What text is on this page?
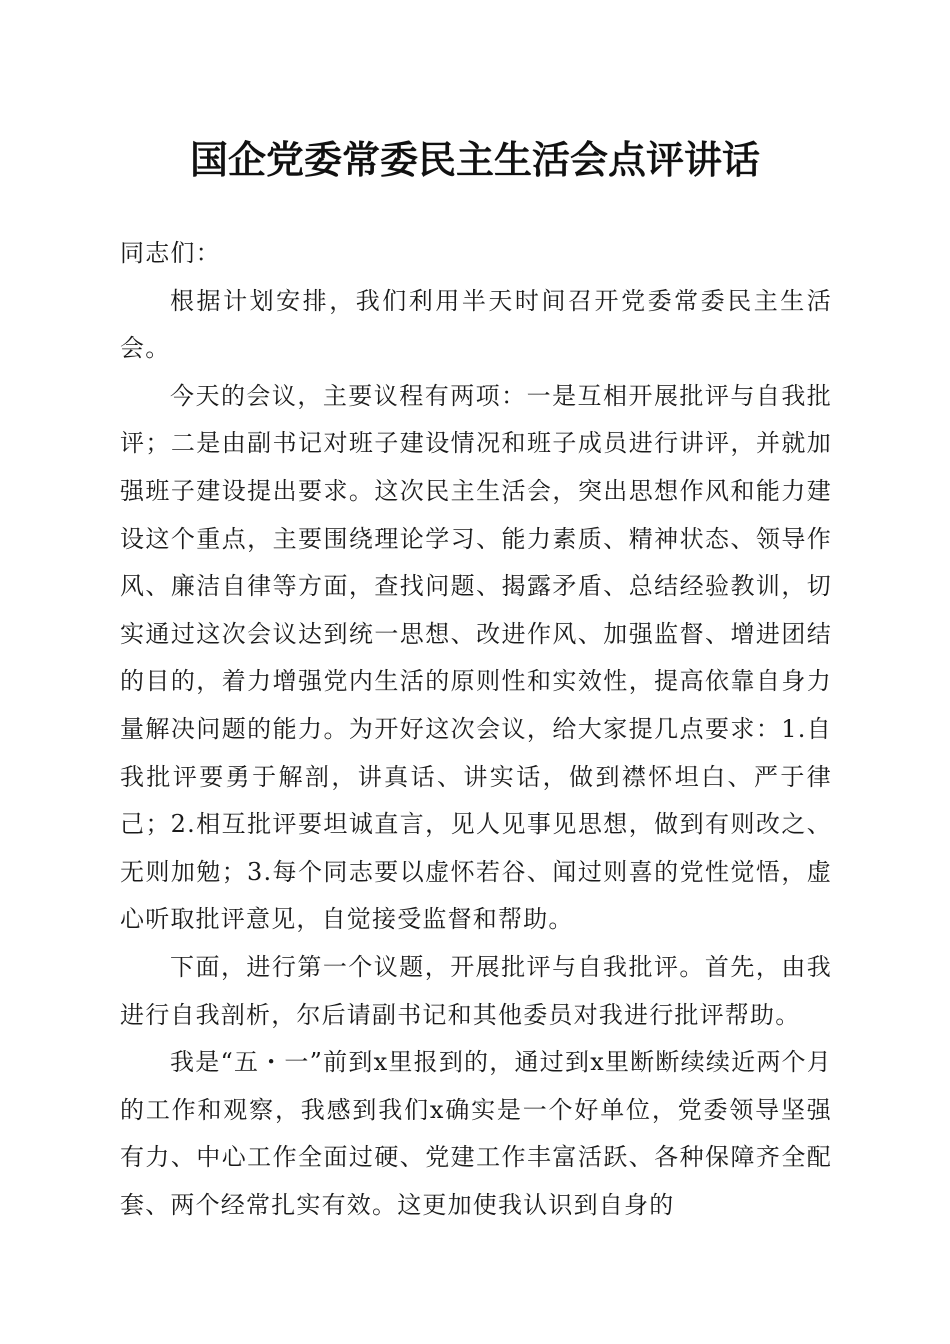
国企党委常委民主生活会点评讲话

同志们：

根据计划安排，我们利用半天时间召开党委常委民主生活会。

今天的会议，主要议程有两项：一是互相开展批评与自我批评；二是由副书记对班子建设情况和班子成员进行讲评，并就加强班子建设提出要求。这次民主生活会，突出思想作风和能力建设这个重点，主要围绕理论学习、能力素质、精神状态、领导作风、廉洁自律等方面，查找问题、揭露矛盾、总结经验教训，切实通过这次会议达到统一思想、改进作风、加强监督、增进团结的目的，着力增强党内生活的原则性和实效性，提高依靠自身力量解决问题的能力。为开好这次会议，给大家提几点要求：1.自我批评要勇于解剖，讲真话、讲实话，做到襟怀坦白、严于律己；2.相互批评要坦诚直言，见人见事见思想，做到有则改之、无则加勉；3.每个同志要以虚怀若谷、闻过则喜的党性觉悟，虚心听取批评意见，自觉接受监督和帮助。

下面，进行第一个议题，开展批评与自我批评。首先，由我进行自我剖析，尔后请副书记和其他委员对我进行批评帮助。

我是“五・一”前到x里报到的，通过到x里断断续续近两个月的工作和观察，我感到我们x确实是一个好单位，党委领导坚强有力、中心工作全面过硬、党建工作丰富活跃、各种保障齐全配套、两个经常扎实有效。这更加使我认识到自身的
